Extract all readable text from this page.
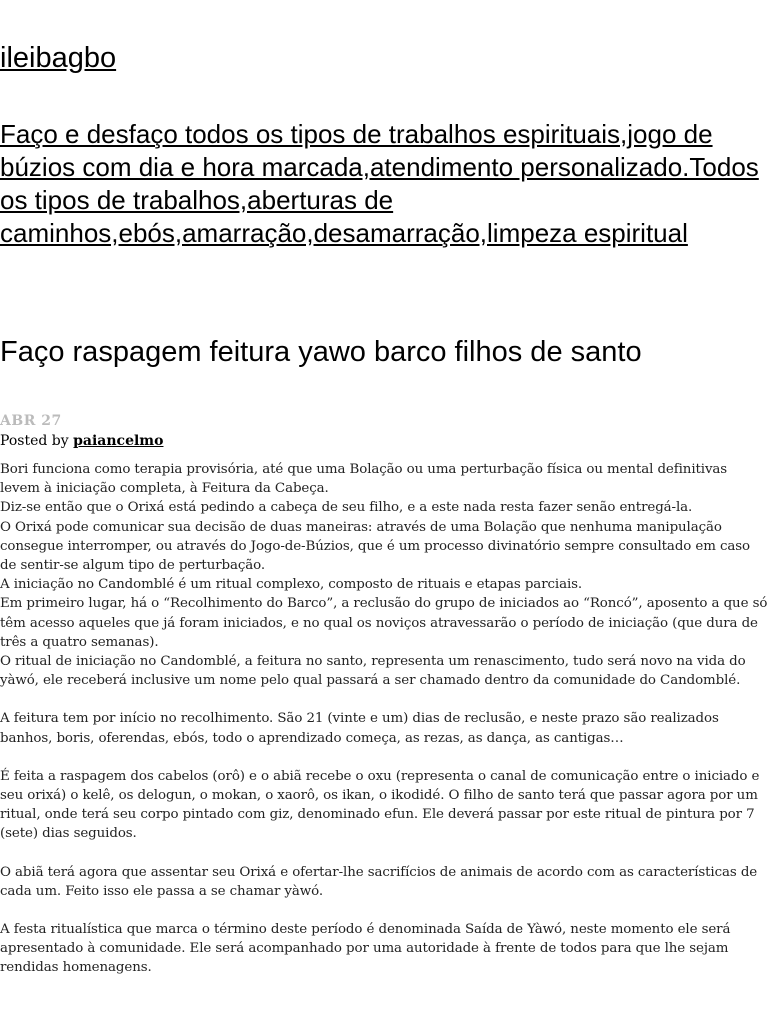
ileibagbo
Faço e desfaço todos os tipos de trabalhos espirituais,jogo de búzios com dia e hora marcada,atendimento personalizado.Todos os tipos de trabalhos,aberturas de caminhos,ebós,amarração,desamarração,limpeza espiritual
Faço raspagem feitura yawo barco filhos de santo
ABR 27
Posted by paiancelmo

Bori funciona como terapia provisória, até que uma Bolação ou uma perturbação física ou mental definitivas levem à iniciação completa, à Feitura da Cabeça.

Diz-se então que o Orixá está pedindo a cabeça de seu filho, e a este nada resta fazer senão entregá-la.

O Orixá pode comunicar sua decisão de duas maneiras: através de uma Bolação que nenhuma manipulação consegue interromper, ou através do Jogo-de-Búzios, que é um processo divinatório sempre consultado em caso de sentir-se algum tipo de perturbação.

A iniciação no Candomblé é um ritual complexo, composto de rituais e etapas parciais.

Em primeiro lugar, há o “Recolhimento do Barco”, a reclusão do grupo de iniciados ao “Roncó”, aposento a que só têm acesso aqueles que já foram iniciados, e no qual os noviços atravessarão o período de iniciação (que dura de três a quatro semanas).

O ritual de iniciação no Candomblé, a feitura no santo, representa um renascimento, tudo será novo na vida do yàwó, ele receberá inclusive um nome pelo qual passará a ser chamado dentro da comunidade do Candomblé.

A feitura tem por início no recolhimento. São 21 (vinte e um) dias de reclusão, e neste prazo são realizados banhos, boris, oferendas, ebós, todo o aprendizado começa, as rezas, as dança, as cantigas…

É feita a raspagem dos cabelos (orô) e o abiã recebe o oxu (representa o canal de comunicação entre o iniciado e seu orixá) o kelê, os delogun, o mokan, o xaorô, os ikan, o ikodidé. O filho de santo terá que passar agora por um ritual, onde terá seu corpo pintado com giz, denominado efun. Ele deverá passar por este ritual de pintura por 7 (sete) dias seguidos.

O abiã terá agora que assentar seu Orixá e ofertar-lhe sacrifícios de animais de acordo com as características de cada um. Feito isso ele passa a se chamar yàwó.

A festa ritualística que marca o término deste período é denominada Saída de Yàwó, neste momento ele será apresentado à comunidade. Ele será acompanhado por uma autoridade à frente de todos para que lhe sejam rendidas homenagens.
